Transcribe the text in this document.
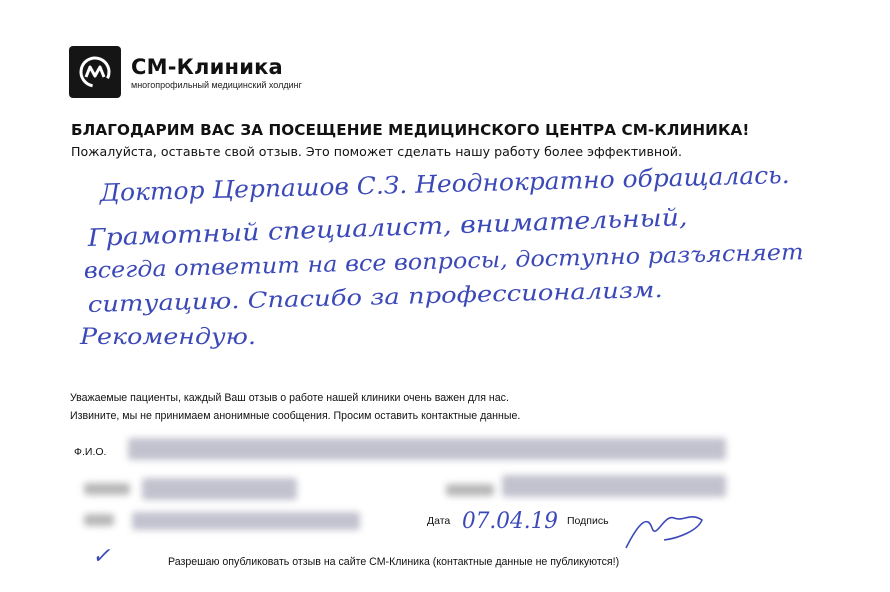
СМ-Клиника
многопрофильный медицинский холдинг
БЛАГОДАРИМ ВАС ЗА ПОСЕЩЕНИЕ МЕДИЦИНСКОГО ЦЕНТРА СМ-КЛИНИКА!
Пожалуйста, оставьте свой отзыв. Это поможет сделать нашу работу более эффективной.
Доктор Церпашов С.З. Неоднократно обращалась.
Грамотный специалист, внимательный,
всегда ответит на все вопросы, доступно разъясняет
ситуацию. Спасибо за профессионализм.
Рекомендую.
07.04.19
✓
Уважаемые пациенты, каждый Ваш отзыв о работе нашей клиники очень важен для нас.
Извините, мы не принимаем анонимные сообщения. Просим оставить контактные данные.
Ф.И.О.
Дата	Подпись
Разрешаю опубликовать отзыв на сайте СМ-Клиника (контактные данные не публикуются!)
